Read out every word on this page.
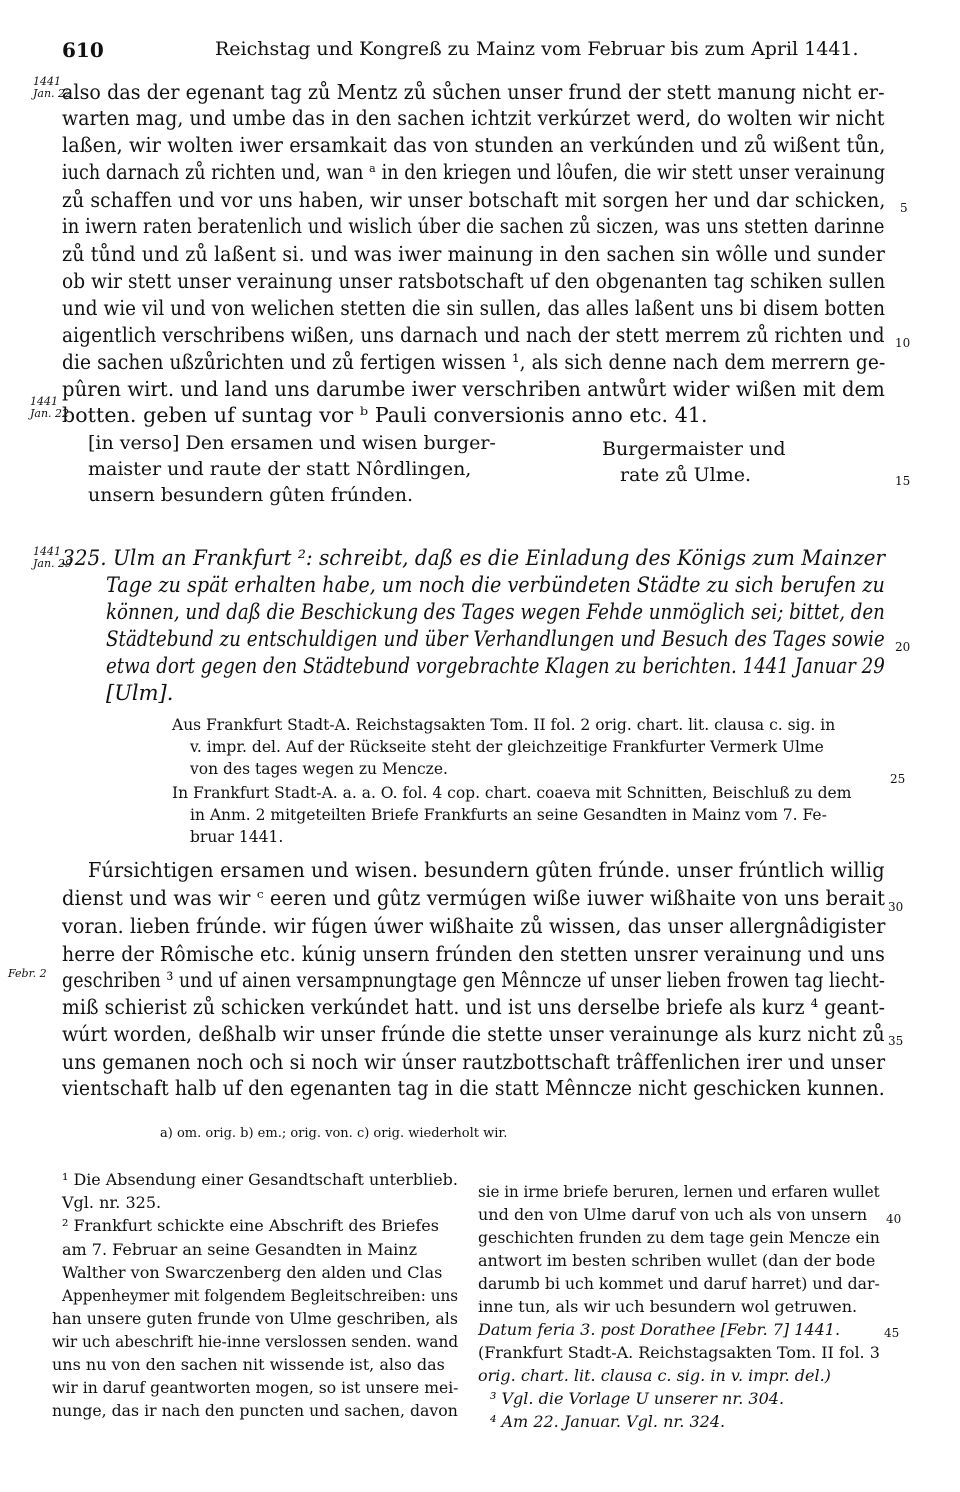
610	Reichstag und Kongreß zu Mainz vom Februar bis zum April 1441.
1441
Jan. 22
1441
Jan. 22
1441
Jan. 29
Febr. 2
also das der egenant tag zů Mentz zů sůchen unser frund der stett manung nicht er-
warten mag, und umbe das in den sachen ichtzit verkúrzet werd, do wolten wir nicht
laßen, wir wolten iwer ersamkait das von stunden an verkúnden und zů wißent tůn,
iuch darnach zů richten und, wan ᵃ in den kriegen und lôufen, die wir stett unser verainung
zů schaffen und vor uns haben, wir unser botschaft mit sorgen her und dar schicken,
in iwern raten beratenlich und wislich úber die sachen zů siczen, was uns stetten darinne
zů tůnd und zů laßent si. und was iwer mainung in den sachen sin wôlle und sunder
ob wir stett unser verainung unser ratsbotschaft uf den obgenanten tag schiken sullen
und wie vil und von welichen stetten die sin sullen, das alles laßent uns bi disem botten
aigentlich verschribens wißen, uns darnach und nach der stett merrem zů richten und
die sachen ußzůrichten und zů fertigen wissen ¹, als sich denne nach dem merrern ge-
pûren wirt. und land uns darumbe iwer verschriben antwůrt wider wißen mit dem
botten. geben uf suntag vor ᵇ Pauli conversionis anno etc. 41.
[in verso] Den ersamen und wisen burger-
maister und raute der statt Nôrdlingen,
unsern besundern gûten frúnden.
Burgermaister und
rate zů Ulme.
5
10
15
20
25
30
35
40
45
325. Ulm an Frankfurt ²: schreibt, daß es die Einladung des Königs zum Mainzer
Tage zu spät erhalten habe, um noch die verbündeten Städte zu sich berufen zu
können, und daß die Beschickung des Tages wegen Fehde unmöglich sei; bittet, den
Städtebund zu entschuldigen und über Verhandlungen und Besuch des Tages sowie
etwa dort gegen den Städtebund vorgebrachte Klagen zu berichten. 1441 Januar 29
[Ulm].
Aus Frankfurt Stadt-A. Reichstagsakten Tom. II fol. 2 orig. chart. lit. clausa c. sig. in
v. impr. del. Auf der Rückseite steht der gleichzeitige Frankfurter Vermerk Ulme
von des tages wegen zu Mencze.
In Frankfurt Stadt-A. a. a. O. fol. 4 cop. chart. coaeva mit Schnitten, Beischluß zu dem
in Anm. 2 mitgeteilten Briefe Frankfurts an seine Gesandten in Mainz vom 7. Fe-
bruar 1441.
Fúrsichtigen ersamen und wisen. besundern gûten frúnde. unser frúntlich willig
dienst und was wir ᶜ eeren und gûtz vermúgen wiße iuwer wißhaite von uns berait
voran. lieben frúnde. wir fúgen úwer wißhaite zů wissen, das unser allergnâdigister
herre der Rômische etc. kúnig unsern frúnden den stetten unsrer verainung und uns
geschriben ³ und uf ainen versampnungtage gen Mênncze uf unser lieben frowen tag liecht-
miß schierist zů schicken verkúndet hatt. und ist uns derselbe briefe als kurz ⁴ geant-
wúrt worden, deßhalb wir unser frúnde die stette unser verainunge als kurz nicht zů
uns gemanen noch och si noch wir únser rautzbottschaft trâffenlichen irer und unser
vientschaft halb uf den egenanten tag in die statt Mênncze nicht geschicken kunnen.
a) om. orig. b) em.; orig. von. c) orig. wiederholt wir.
¹ Die Absendung einer Gesandtschaft unterblieb.
Vgl. nr. 325.
² Frankfurt schickte eine Abschrift des Briefes
am 7. Februar an seine Gesandten in Mainz
Walther von Swarczenberg den alden und Clas
Appenheymer mit folgendem Begleitschreiben: uns
han unsere guten frunde von Ulme geschriben, als
wir uch abeschrift hie-inne verslossen senden. wand
uns nu von den sachen nit wissende ist, also das
wir in daruf geantworten mogen, so ist unsere mei-
nunge, das ir nach den puncten und sachen, davon
sie in irme briefe beruren, lernen und erfaren wullet
und den von Ulme daruf von uch als von unsern
geschichten frunden zu dem tage gein Mencze ein
antwort im besten schriben wullet (dan der bode
darumb bi uch kommet und daruf harret) und dar-
inne tun, als wir uch besundern wol getruwen.
Datum feria 3. post Dorathee [Febr. 7] 1441.
(Frankfurt Stadt-A. Reichstagsakten Tom. II fol. 3
orig. chart. lit. clausa c. sig. in v. impr. del.)
³ Vgl. die Vorlage U unserer nr. 304.
⁴ Am 22. Januar. Vgl. nr. 324.
